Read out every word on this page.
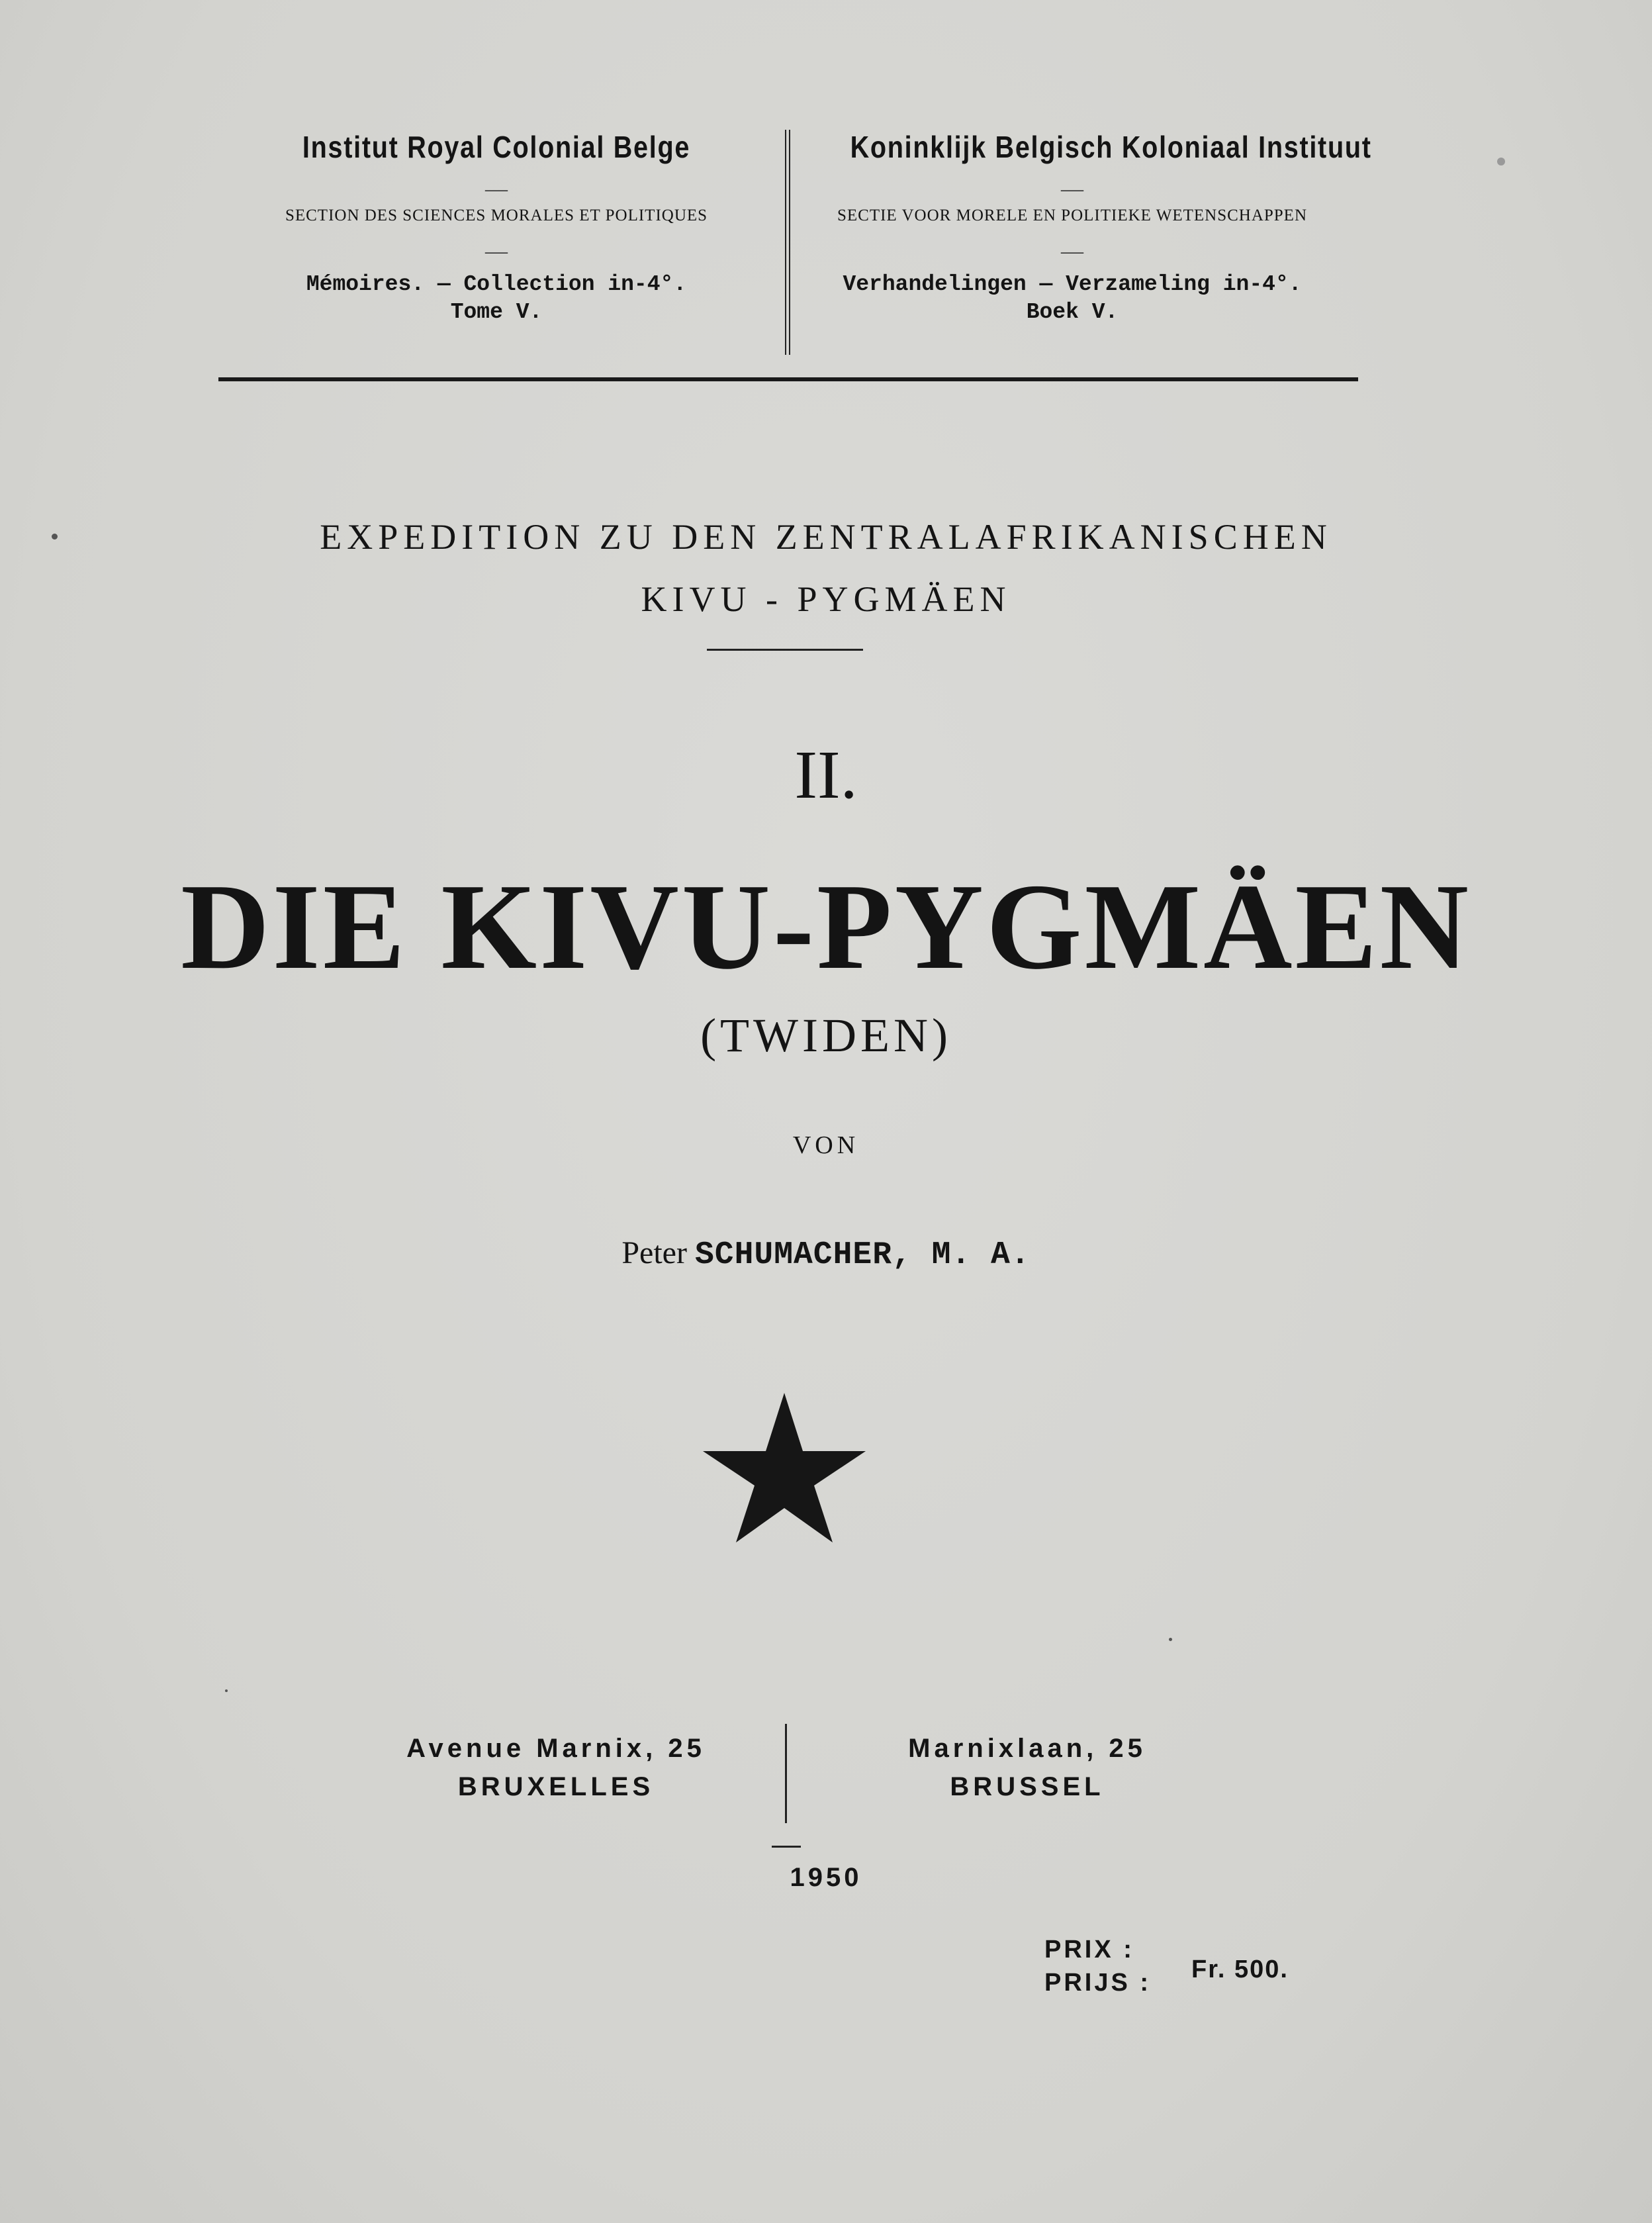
Institut Royal Colonial Belge
—
SECTION DES SCIENCES MORALES ET POLITIQUES
—
Mémoires. — Collection in-4°.
Tome V.
Koninklijk Belgisch Koloniaal Instituut
—
SECTIE VOOR MORELE EN POLITIEKE WETENSCHAPPEN
—
Verhandelingen — Verzameling in-4°.
Boek V.
EXPEDITION ZU DEN ZENTRALAFRIKANISCHEN
KIVU - PYGMÄEN
II.
DIE KIVU-PYGMÄEN
(TWIDEN)
VON
Peter SCHUMACHER, M. A.
Avenue Marnix, 25
BRUXELLES
Marnixlaan, 25
BRUSSEL
1950
PRIX :
PRIJS : Fr. 500.
